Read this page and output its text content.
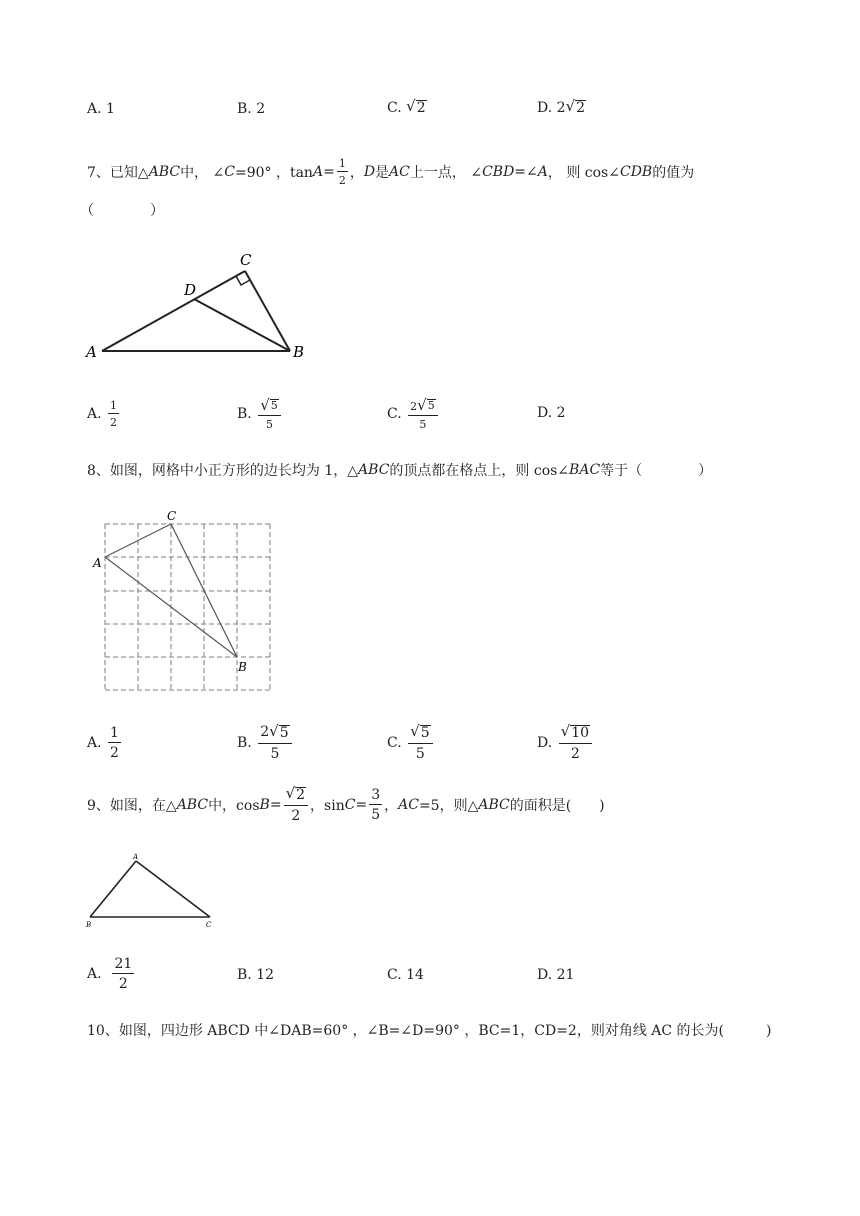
A.
1	B.
2	C.
√ 2	D.
2 √ 2
7、已知△ ABC 中， ∠ C =90° ，$\tan A = \frac{1}{2}$ ， D 是 AC 上一点， ∠ CBD =∠ A ， 则 cos∠ CDB 的值为
（　　　　）
A	B
C
D
A.
$\frac{1}{2}$	B.
$\frac{√ 5}{5}$	C.
$\frac{2 √ 5}{5}$	D.
2
8、如图，网格中小正方形的边长均为 1，△ ABC 的顶点都在格点上，则 cos∠ BAC 等于（　　　　）
A
B
C
A.
$\frac{1}{2}$	B.
$\frac{2 √ 5}{5}$	C.
$\frac{√ 5}{5}$	D.
$\frac{√ 10}{2}$
9、如图，在△ ABC 中，$\cos B = \frac{√ 2}{2}$ ，$\sin C = \frac{3}{5}$ ， AC =5，则△ ABC 的面积是(　　)
A
B	C
A.
$\frac{21}{2}$	B.
12	C.
14	D.
21
10、如图，四边形 ABCD 中∠DAB=60° ，∠B=∠D=90° ，BC=1，CD=2，则对角线 AC 的长为(　　　)
